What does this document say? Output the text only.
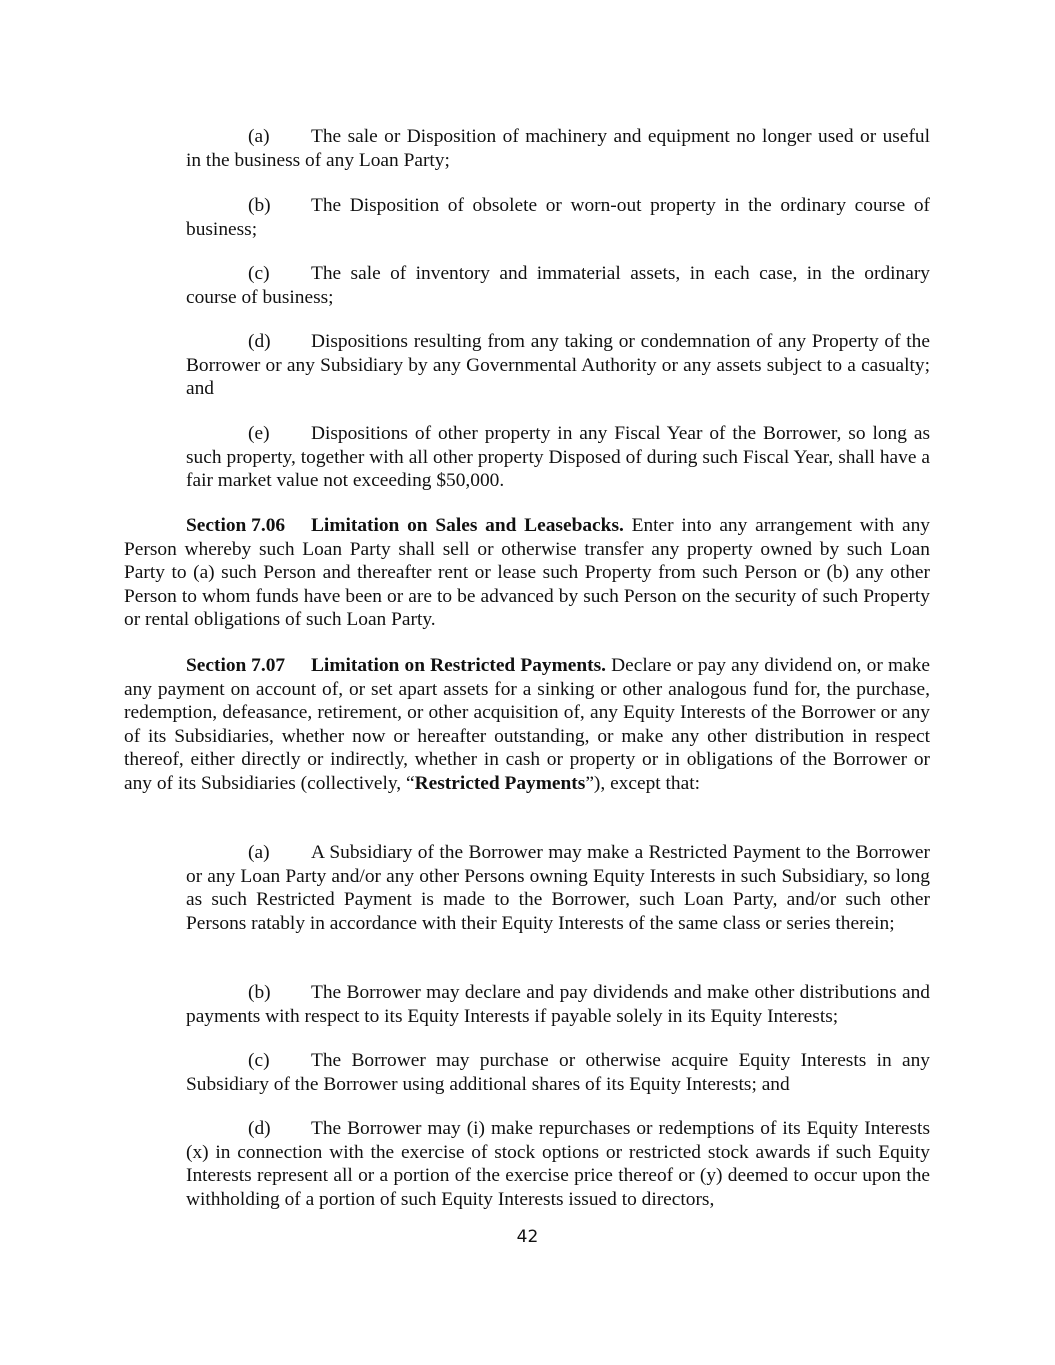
(a) The sale or Disposition of machinery and equipment no longer used or useful in the business of any Loan Party;

(b) The Disposition of obsolete or worn-out property in the ordinary course of business;

(c) The sale of inventory and immaterial assets, in each case, in the ordinary course of business;

(d) Dispositions resulting from any taking or condemnation of any Property of the Borrower or any Subsidiary by any Governmental Authority or any assets subject to a casualty; and

(e) Dispositions of other property in any Fiscal Year of the Borrower, so long as such property, together with all other property Disposed of during such Fiscal Year, shall have a fair market value not exceeding $50,000.

Section 7.06 Limitation on Sales and Leasebacks. Enter into any arrangement with any Person whereby such Loan Party shall sell or otherwise transfer any property owned by such Loan Party to (a) such Person and thereafter rent or lease such Property from such Person or (b) any other Person to whom funds have been or are to be advanced by such Person on the security of such Property or rental obligations of such Loan Party.

Section 7.07 Limitation on Restricted Payments. Declare or pay any dividend on, or make any payment on account of, or set apart assets for a sinking or other analogous fund for, the purchase, redemption, defeasance, retirement, or other acquisition of, any Equity Interests of the Borrower or any of its Subsidiaries, whether now or hereafter outstanding, or make any other distribution in respect thereof, either directly or indirectly, whether in cash or property or in obligations of the Borrower or any of its Subsidiaries (collectively, “Restricted Payments”), except that:

(a) A Subsidiary of the Borrower may make a Restricted Payment to the Borrower or any Loan Party and/or any other Persons owning Equity Interests in such Subsidiary, so long as such Restricted Payment is made to the Borrower, such Loan Party, and/or such other Persons ratably in accordance with their Equity Interests of the same class or series therein;

(b) The Borrower may declare and pay dividends and make other distributions and payments with respect to its Equity Interests if payable solely in its Equity Interests;

(c) The Borrower may purchase or otherwise acquire Equity Interests in any Subsidiary of the Borrower using additional shares of its Equity Interests; and

(d) The Borrower may (i) make repurchases or redemptions of its Equity Interests (x) in connection with the exercise of stock options or restricted stock awards if such Equity Interests represent all or a portion of the exercise price thereof or (y) deemed to occur upon the withholding of a portion of such Equity Interests issued to directors,

42
